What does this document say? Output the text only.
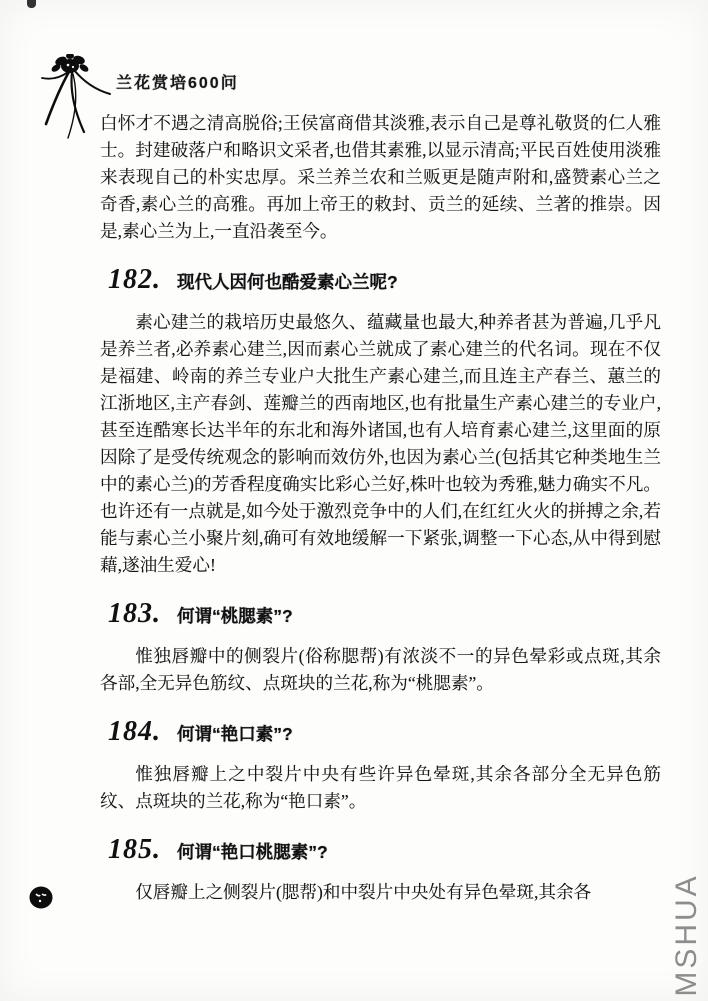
兰花赏培600问

白怀才不遇之清高脱俗;王侯富商借其淡雅,表示自己是尊礼敬贤的仁人雅士。封建破落户和略识文采者,也借其素雅,以显示清高;平民百姓使用淡雅来表现自己的朴实忠厚。采兰养兰农和兰贩更是随声附和,盛赞素心兰之奇香,素心兰的高雅。再加上帝王的敕封、贡兰的延续、兰著的推崇。因是,素心兰为上,一直沿袭至今。

182. 现代人因何也酷爱素心兰呢?

素心建兰的栽培历史最悠久、蕴藏量也最大,种养者甚为普遍,几乎凡是养兰者,必养素心建兰,因而素心兰就成了素心建兰的代名词。现在不仅是福建、岭南的养兰专业户大批生产素心建兰,而且连主产春兰、蕙兰的江浙地区,主产春剑、莲瓣兰的西南地区,也有批量生产素心建兰的专业户,甚至连酷寒长达半年的东北和海外诸国,也有人培育素心建兰,这里面的原因除了是受传统观念的影响而效仿外,也因为素心兰(包括其它种类地生兰中的素心兰)的芳香程度确实比彩心兰好,株叶也较为秀雅,魅力确实不凡。也许还有一点就是,如今处于激烈竞争中的人们,在红红火火的拼搏之余,若能与素心兰小聚片刻,确可有效地缓解一下紧张,调整一下心态,从中得到慰藉,遂油生爱心!

183. 何谓“桃腮素”?

惟独唇瓣中的侧裂片(俗称腮帮)有浓淡不一的异色晕彩或点斑,其余各部,全无异色筋纹、点斑块的兰花,称为“桃腮素”。

184. 何谓“艳口素”?

惟独唇瓣上之中裂片中央有些许异色晕斑,其余各部分全无异色筋纹、点斑块的兰花,称为“艳口素”。

185. 何谓“艳口桃腮素”?

仅唇瓣上之侧裂片(腮帮)和中裂片中央处有异色晕斑,其余各	MSHUA
